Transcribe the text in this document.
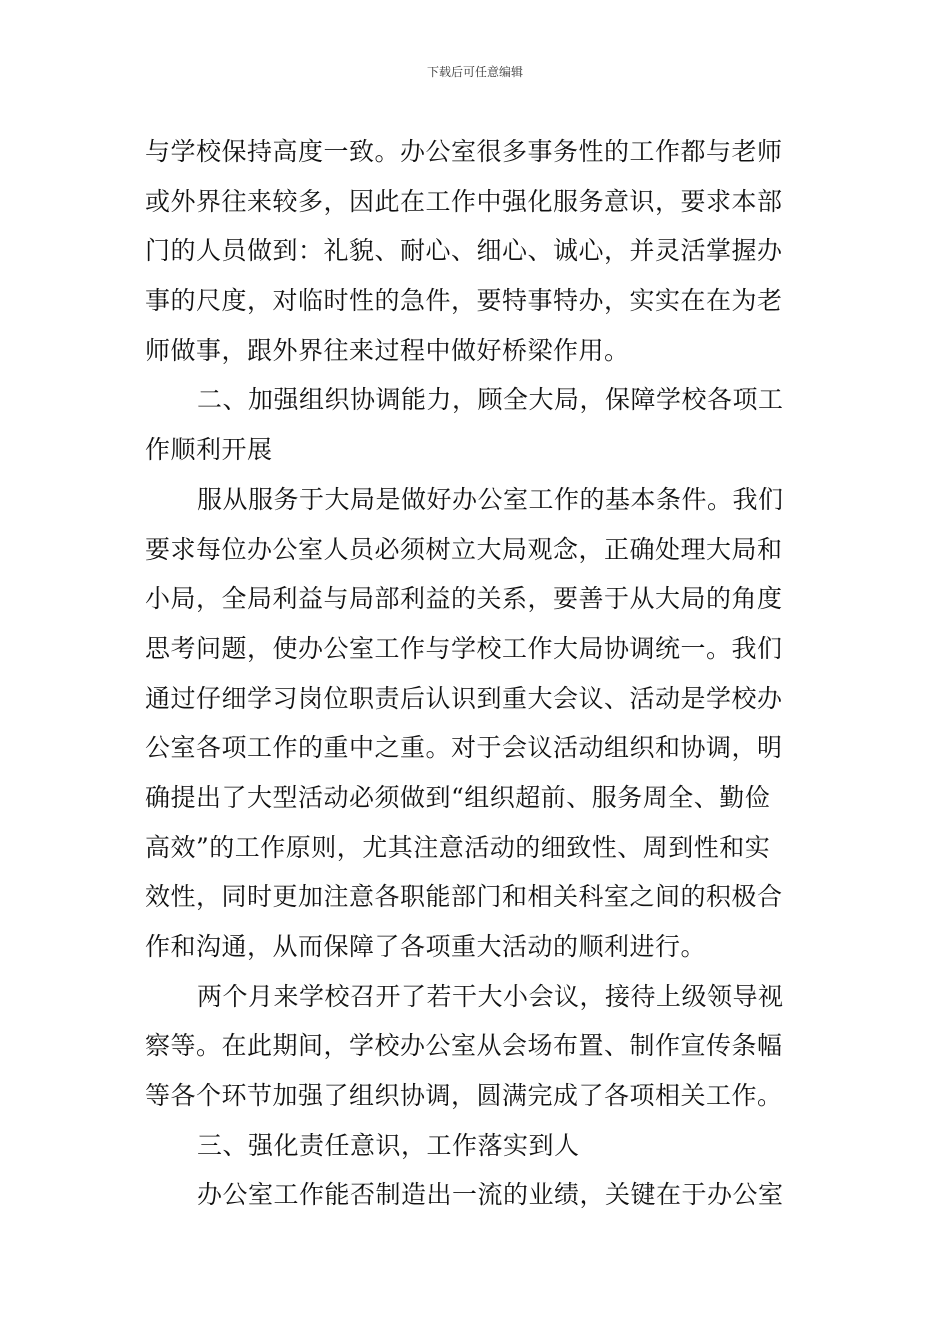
下载后可任意编辑
与学校保持高度一致。办公室很多事务性的工作都与老师
或外界往来较多，因此在工作中强化服务意识，要求本部
门的人员做到：礼貌、耐心、细心、诚心，并灵活掌握办
事的尺度，对临时性的急件，要特事特办，实实在在为老
师做事，跟外界往来过程中做好桥梁作用。
二、加强组织协调能力，顾全大局，保障学校各项工
作顺利开展
服从服务于大局是做好办公室工作的基本条件。我们
要求每位办公室人员必须树立大局观念，正确处理大局和
小局，全局利益与局部利益的关系，要善于从大局的角度
思考问题，使办公室工作与学校工作大局协调统一。我们
通过仔细学习岗位职责后认识到重大会议、活动是学校办
公室各项工作的重中之重。对于会议活动组织和协调，明
确提出了大型活动必须做到“组织超前、服务周全、勤俭
高效”的工作原则，尤其注意活动的细致性、周到性和实
效性，同时更加注意各职能部门和相关科室之间的积极合
作和沟通，从而保障了各项重大活动的顺利进行。
两个月来学校召开了若干大小会议，接待上级领导视
察等。在此期间，学校办公室从会场布置、制作宣传条幅
等各个环节加强了组织协调，圆满完成了各项相关工作。
三、强化责任意识，工作落实到人
办公室工作能否制造出一流的业绩，关键在于办公室
